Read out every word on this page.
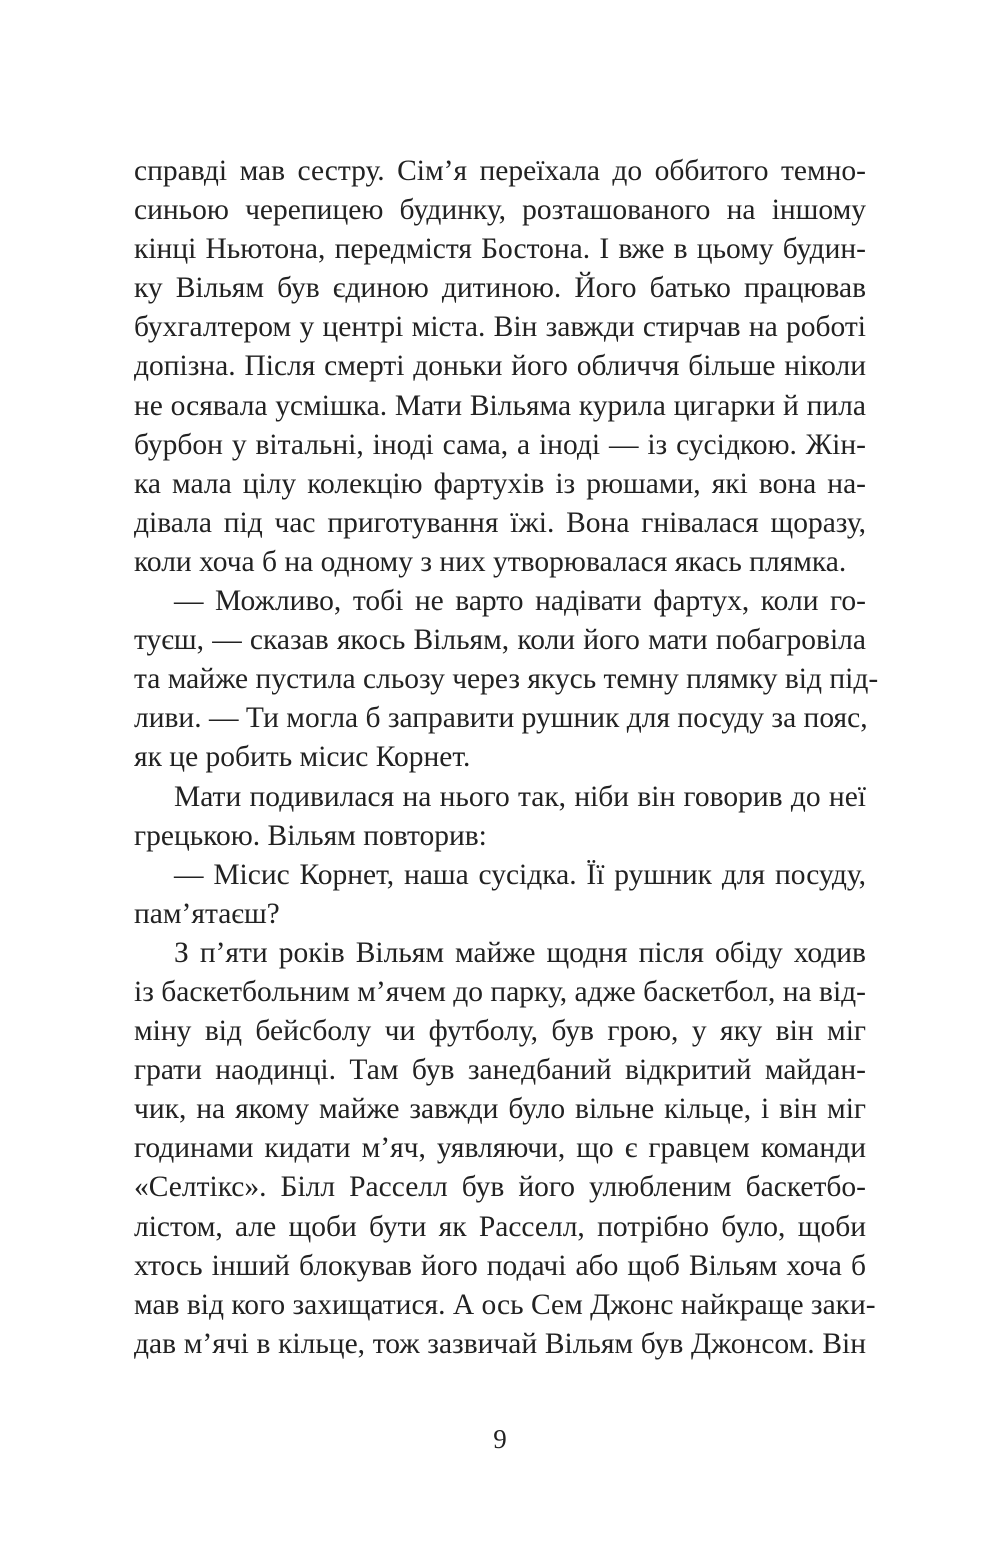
справді мав сестру. Сім’я переїхала до оббитого темно-
синьою черепицею будинку, розташованого на іншому
кінці Ньютона, передмістя Бостона. І вже в цьому будин-
ку Вільям був єдиною дитиною. Його батько працював
бухгалтером у центрі міста. Він завжди стирчав на роботі
допізна. Після смерті доньки його обличчя більше ніколи
не осявала усмішка. Мати Вільяма курила цигарки й пила
бурбон у вітальні, іноді сама, а іноді — із сусідкою. Жін-
ка мала цілу колекцію фартухів із рюшами, які вона на-
дівала під час приготування їжі. Вона гнівалася щоразу,
коли хоча б на одному з них утворювалася якась плямка.
— Можливо, тобі не варто надівати фартух, коли го-
туєш, — сказав якось Вільям, коли його мати побагровіла
та майже пустила сльозу через якусь темну плямку від під-
ливи. — Ти могла б заправити рушник для посуду за пояс,
як це робить місис Корнет.
Мати подивилася на нього так, ніби він говорив до неї
грецькою. Вільям повторив:
— Місис Корнет, наша сусідка. Її рушник для посуду,
пам’ятаєш?
З п’яти років Вільям майже щодня після обіду ходив
із баскетбольним м’ячем до парку, адже баскетбол, на від-
міну від бейсболу чи футболу, був грою, у яку він міг
грати наодинці. Там був занедбаний відкритий майдан-
чик, на якому майже завжди було вільне кільце, і він міг
годинами кидати м’яч, уявляючи, що є гравцем команди
«Селтікс». Білл Расселл був його улюбленим баскетбо-
лістом, але щоби бути як Расселл, потрібно було, щоби
хтось інший блокував його подачі або щоб Вільям хоча б
мав від кого захищатися. А ось Сем Джонс найкраще заки-
дав м’ячі в кільце, тож зазвичай Вільям був Джонсом. Він
9
